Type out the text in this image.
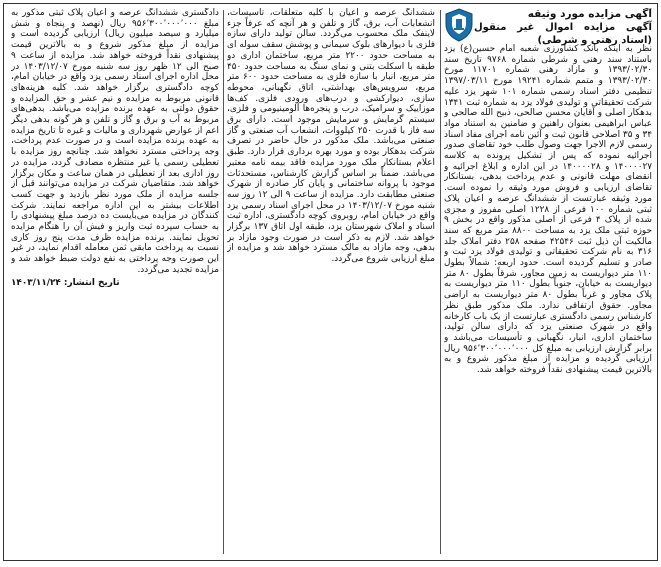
آگهی مزایده مورد وثیقه
آگهی مزایده اموال غیر منقول (اسناد رهنی و شرطی)

نظر به اینکه بانک کشاورزی شعبه امام حسین(ع) یزد باستناد سند رهنی و شرطی شماره ۹۷۶۸ تاریخ سند ۱۳۹۳/۰۲/۳۰ و مازاد رهنی شماره ۱۱۷۰۱ مورخ ۱۳۹۳/۰۲/۳۰ و متمم شماره ۱۹۲۴۱ مورخ ۱۳۹۷/۰۳/۱۱ تنظیمی دفتر اسناد رسمی شماره ۱۰۱ شهر یزد علیه شرکت تحقیقاتی و تولیدی فولاد یزد به شماره ثبت ۱۳۴۱ بدهکار اصلی و آقایان محسن صالحی، ذبیح الله صالحی و عباس ابراهیمی بعنوان راهنین و ضامنین به استناد مواد ۳۴ و ۳۵ اصلاحی قانون ثبت و آئین نامه اجرای مفاد اسناد رسمی لازم الاجرا جهت وصول طلب خود تقاضای صدور اجرائیه نموده که پس از تشکیل پرونده به کلاسه ۱۴۰۰۰۰۲۷ و ۱۴۰۰۰۰۲۸ در این اداره و ابلاغ اجرائیه و انقضای مهلت قانونی و عدم پرداخت بدهی، بستانکار تقاضای ارزیابی و فروش مورد وثیقه را نموده است. مورد وثیقه عبارتست از ششدانگ عرصه و اعیان پلاک ثبتی شماره ۱۰۰ فرعی از ۱۲۲۸ اصلی مفروز و مجزی شده از پلاک ۴ فرعی از اصلی مذکور واقع در بخش ۹ حوزه ثبتی ملک یزد به مساحت ۸۸۰۰ متر مربع که سند مالکیت آن ذیل ثبت ۴۲۵۴۶ صفحه ۲۵۸ دفتر املاک جلد ۳۱۶ به نام شرکت تحقیقاتی و تولیدی فولاد یزد ثبت و صادر و تسلیم گردیده است. حدود اربعه: شمالاً بطول ۱۱۰ متر دیواریست به زمین مجاور، شرقاً بطول ۸۰ متر دیواریست به خیابان، جنوباً بطول ۱۱۰ متر دیواریست به پلاک مجاور و غرباً بطول ۸۰ متر دیواریست به اراضی مجاور. حقوق ارتفاقی ندارد. ملک مذکور طبق نظر کارشناس رسمی دادگستری عبارتست از یک باب کارخانه واقع در شهرک صنعتی یزد که دارای سالن تولید، ساختمان اداری، انبار، نگهبانی و تأسیسات می‌باشد و برابر گزارش ارزیابی به مبلغ کل ۹۵۶٬۳۰۰٬۰۰۰٬۰۰۰ ریال ارزیابی گردیده و مزایده از مبلغ مذکور شروع و به بالاترین قیمت پیشنهادی نقداً فروخته خواهد شد.

ششدانگ عرصه و اعیان با کلیه متعلقات، تأسیسات، انشعابات آب، برق، گاز و تلفن و هر آنچه که عرفاً جزء لاینفک ملک محسوب می‌گردد. سالن تولید دارای سازه فلزی با دیوارهای بلوک سیمانی و پوشش سقف سوله ای به مساحت حدود ۲۲۰۰ متر مربع، ساختمان اداری دو طبقه با اسکلت بتنی و نمای سنگ به مساحت حدود ۴۵۰ متر مربع، انبار با سازه فلزی به مساحت حدود ۶۰۰ متر مربع، سرویس‌های بهداشتی، اتاق نگهبانی، محوطه سازی، دیوارکشی و درب‌های ورودی فلزی. کف‌ها موزاییک و سرامیک، درب و پنجره‌ها آلومینیومی و فلزی، سیستم گرمایش و سرمایش موجود است. دارای برق سه فاز با قدرت ۲۵۰ کیلووات، انشعاب آب صنعتی و گاز صنعتی می‌باشد. ملک مذکور در حال حاضر در تصرف شرکت بدهکار بوده و مورد بهره برداری قرار دارد. طبق اعلام بستانکار ملک مورد مزایده فاقد بیمه نامه معتبر می‌باشد. ضمناً بر اساس گزارش کارشناس، مستحدثات موجود با پروانه ساختمانی و پایان کار صادره از شهرک صنعتی مطابقت دارد. مزایده از ساعت ۹ الی ۱۲ روز سه شنبه مورخ ۱۴۰۳/۱۲/۰۷ در محل اجرای اسناد رسمی یزد واقع در خیابان امام، روبروی کوچه دادگستری، اداره ثبت اسناد و املاک شهرستان یزد، طبقه اول اتاق ۱۳۷ برگزار خواهد شد. لازم به ذکر است در صورت وجود مازاد بر بدهی، وجه مازاد به مالک مسترد خواهد شد و مزایده از مبلغ ارزیابی شروع می‌گردد.

دادگستری ششدانگ عرصه و اعیان پلاک ثبتی مذکور به مبلغ ۹۵۶٬۳۰۰٬۰۰۰٬۰۰۰ ریال (نهصد و پنجاه و شش میلیارد و سیصد میلیون ریال) ارزیابی گردیده است و مزایده از مبلغ مذکور شروع و به بالاترین قیمت پیشنهادی نقداً فروخته خواهد شد. مزایده از ساعت ۹ صبح الی ۱۲ ظهر روز سه شنبه مورخ ۱۴۰۳/۱۲/۰۷ در محل اداره اجرای اسناد رسمی یزد واقع در خیابان امام، کوچه دادگستری برگزار خواهد شد. کلیه هزینه‌های قانونی مربوط به مزایده و نیم عشر و حق المزایده و حقوق دولتی به عهده برنده مزایده می‌باشد. بدهی‌های مربوط به آب و برق و گاز و تلفن و هر گونه بدهی دیگر اعم از عوارض شهرداری و مالیات و غیره تا تاریخ مزایده به عهده برنده مزایده است و در صورت عدم پرداخت، وجه پرداختی مسترد نخواهد شد. چنانچه روز مزایده با تعطیلی رسمی یا غیر منتظره مصادف گردد، مزایده در روز اداری بعد از تعطیلی در همان ساعت و مکان برگزار خواهد شد. متقاضیان شرکت در مزایده می‌توانند قبل از جلسه مزایده از ملک مورد نظر بازدید و جهت کسب اطلاعات بیشتر به این اداره مراجعه نمایند. شرکت کنندگان در مزایده می‌بایست ده درصد مبلغ پیشنهادی را به حساب سپرده ثبت واریز و فیش آن را هنگام مزایده تحویل نمایند. برنده مزایده ظرف مدت پنج روز کاری نسبت به پرداخت مابقی ثمن معامله اقدام نماید، در غیر این صورت وجه پرداختی به نفع دولت ضبط خواهد شد و مزایده تجدید می‌گردد.

تاریخ انتشار: ۱۴۰۳/۱۱/۲۴
